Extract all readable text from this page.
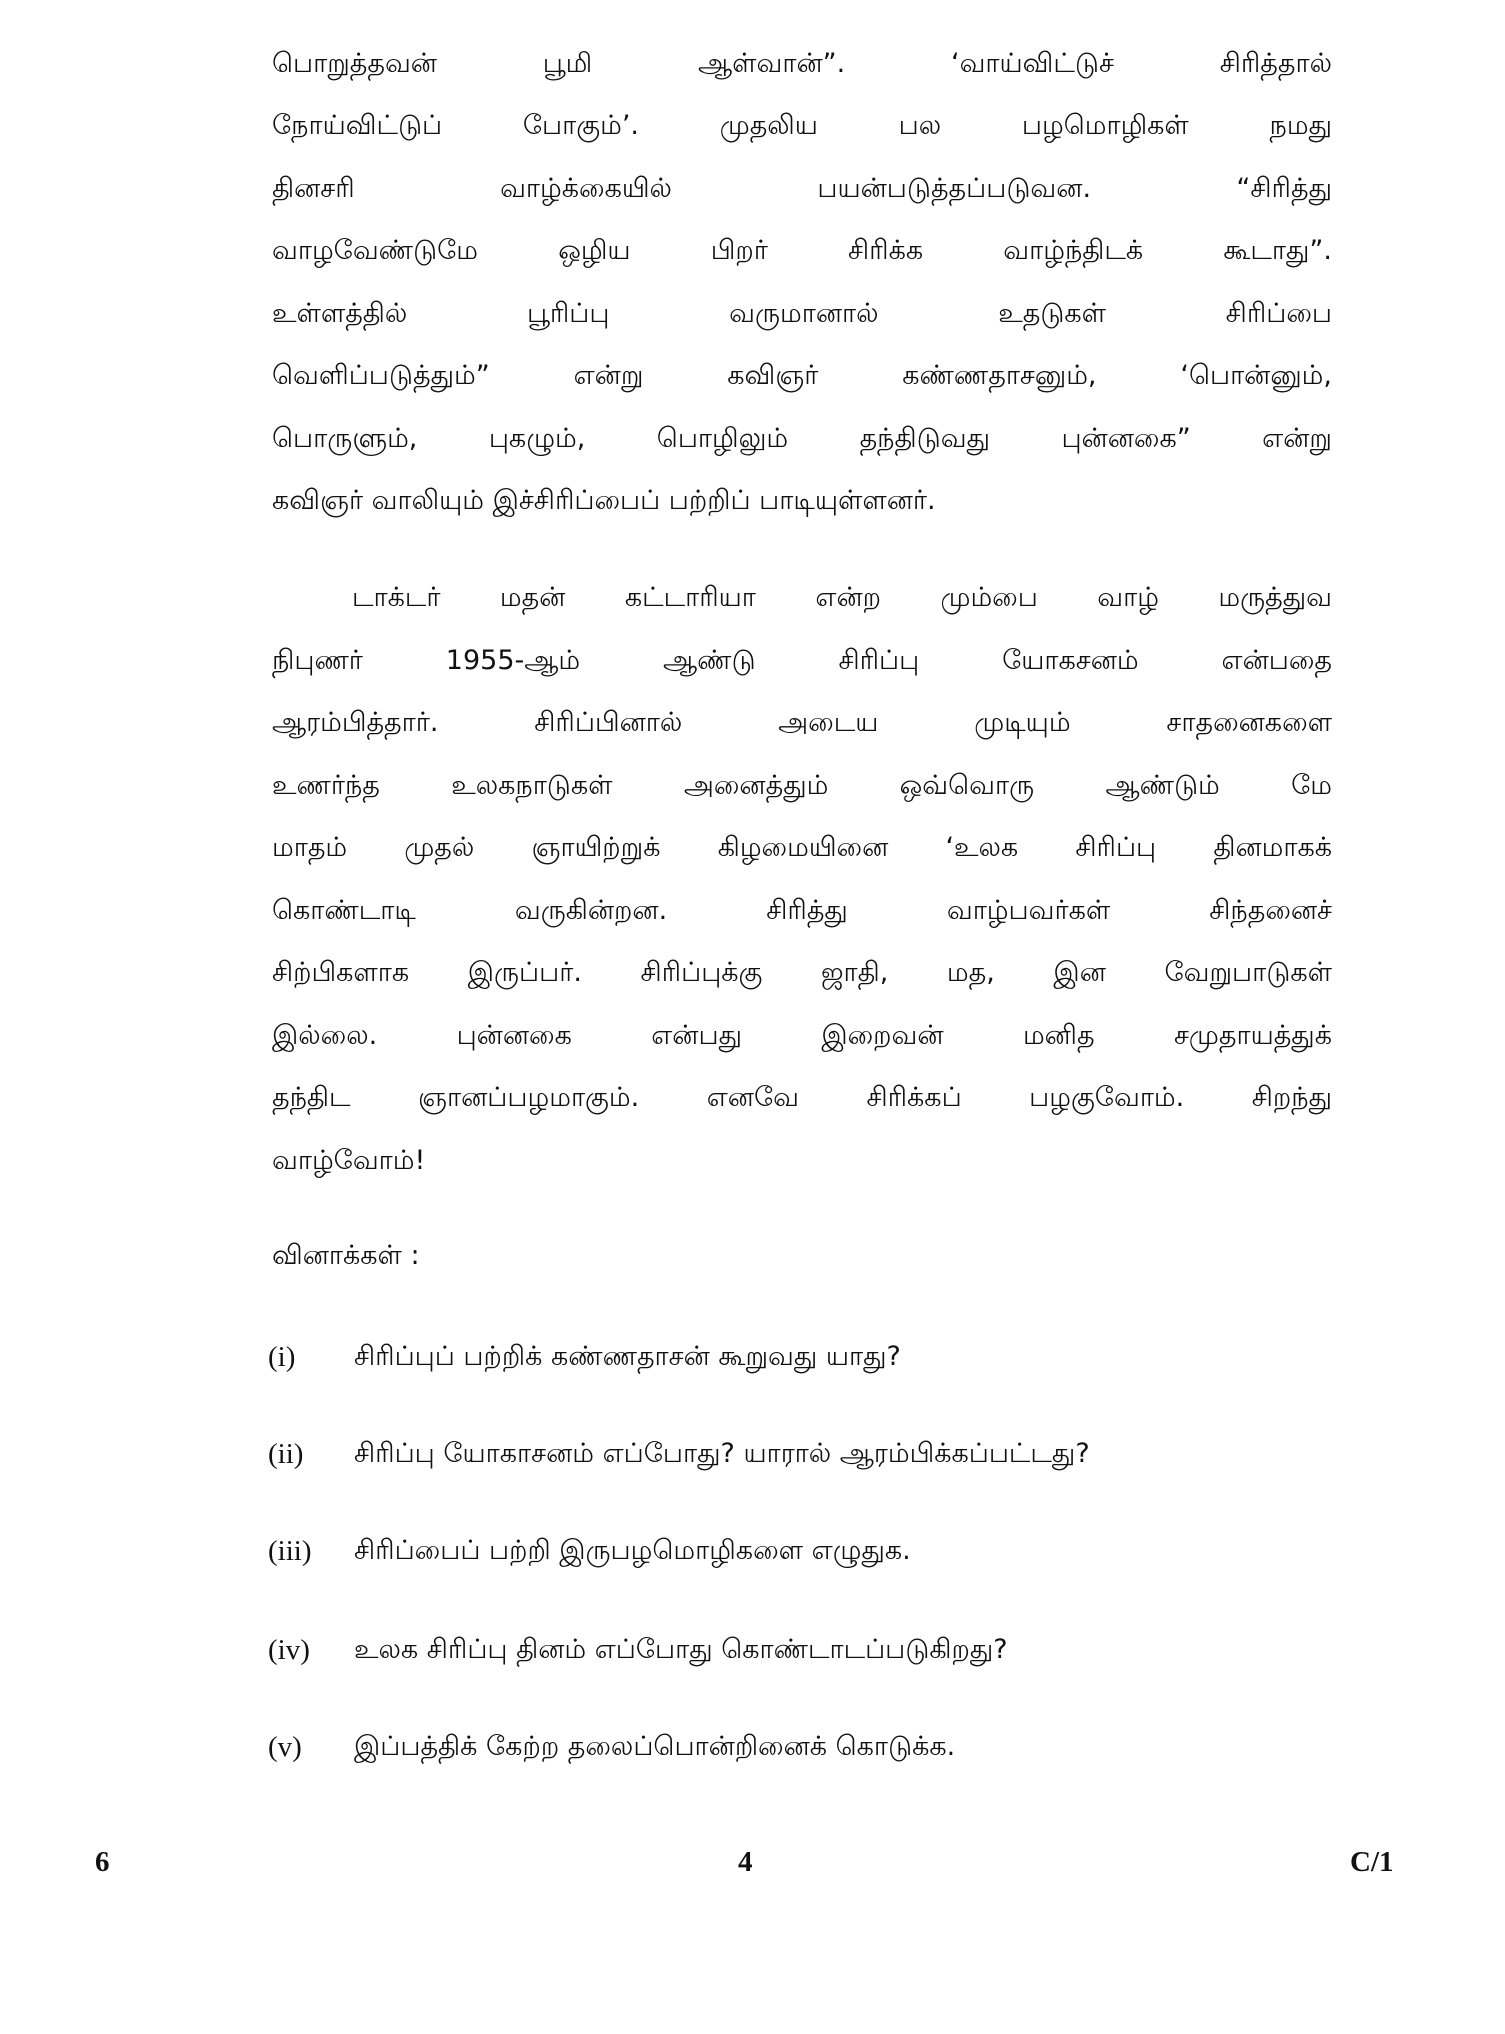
பொறுத்தவன் பூமி ஆள்வான்”. ‘வாய்விட்டுச் சிரித்தால்
நோய்விட்டுப் போகும்’. முதலிய பல பழமொழிகள் நமது
தினசரி வாழ்க்கையில் பயன்படுத்தப்படுவன. “சிரித்து
வாழவேண்டுமே ஒழிய பிறர் சிரிக்க வாழ்ந்திடக் கூடாது”.
உள்ளத்தில் பூரிப்பு வருமானால் உதடுகள் சிரிப்பை
வெளிப்படுத்தும்” என்று கவிஞர் கண்ணதாசனும், ‘பொன்னும்,
பொருளும், புகழும், பொழிலும் தந்திடுவது புன்னகை” என்று
கவிஞர் வாலியும் இச்சிரிப்பைப் பற்றிப் பாடியுள்ளனர்.
டாக்டர் மதன் கட்டாரியா என்ற மும்பை வாழ் மருத்துவ
நிபுணர் 1955-ஆம் ஆண்டு சிரிப்பு யோகசனம் என்பதை
ஆரம்பித்தார். சிரிப்பினால் அடைய முடியும் சாதனைகளை
உணர்ந்த உலகநாடுகள் அனைத்தும் ஒவ்வொரு ஆண்டும் மே
மாதம் முதல் ஞாயிற்றுக் கிழமையினை ‘உலக சிரிப்பு தினமாகக்
கொண்டாடி வருகின்றன. சிரித்து வாழ்பவர்கள் சிந்தனைச்
சிற்பிகளாக இருப்பர். சிரிப்புக்கு ஜாதி, மத, இன வேறுபாடுகள்
இல்லை. புன்னகை என்பது இறைவன் மனித சமுதாயத்துக்
தந்திட ஞானப்பழமாகும். எனவே சிரிக்கப் பழகுவோம். சிறந்து
வாழ்வோம்!
வினாக்கள் :
(i) சிரிப்புப் பற்றிக் கண்ணதாசன் கூறுவது யாது?
(ii) சிரிப்பு யோகாசனம் எப்போது? யாரால் ஆரம்பிக்கப்பட்டது?
(iii) சிரிப்பைப் பற்றி இருபழமொழிகளை எழுதுக.
(iv) உலக சிரிப்பு தினம் எப்போது கொண்டாடப்படுகிறது?
(v) இப்பத்திக் கேற்ற தலைப்பொன்றினைக் கொடுக்க.
6	4	C/1
